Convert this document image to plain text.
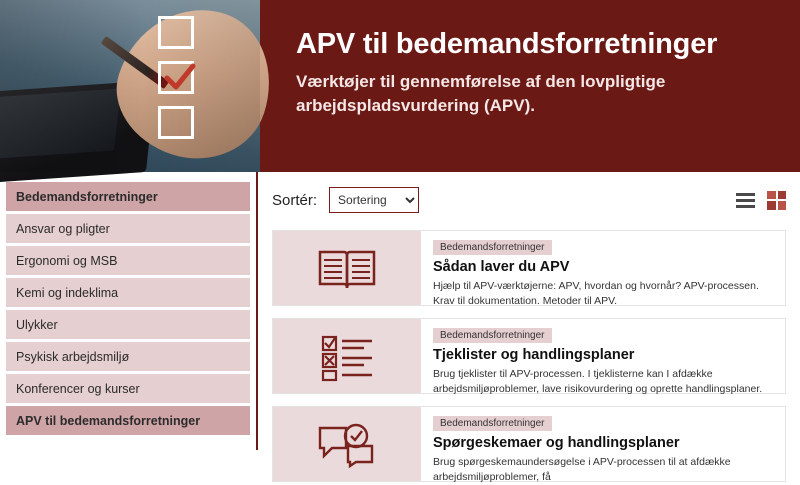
APV til bedemandsforretninger

Værktøjer til gennemførelse af den lovpligtige arbejdspladsvurdering (APV).

Bedemandsforretninger
Ansvar og pligter
Ergonomi og MSB
Kemi og indeklima
Ulykker
Psykisk arbejdsmiljø
Konferencer og kurser
APV til bedemandsforretninger
Sortér:
Sortering
Bedemandsforretninger
Sådan laver du APV

Hjælp til APV-værktøjerne: APV, hvordan og hvornår? APV-processen. Krav til dokumentation. Metoder til APV.

Bedemandsforretninger
Tjeklister og handlingsplaner

Brug tjeklister til APV-processen. I tjeklisterne kan I afdække arbejdsmiljøproblemer, lave risikovurdering og oprette handlingsplaner.

Bedemandsforretninger
Spørgeskemaer og handlingsplaner

Brug spørgeskemaundersøgelse i APV-processen til at afdække arbejdsmiljøproblemer, få
